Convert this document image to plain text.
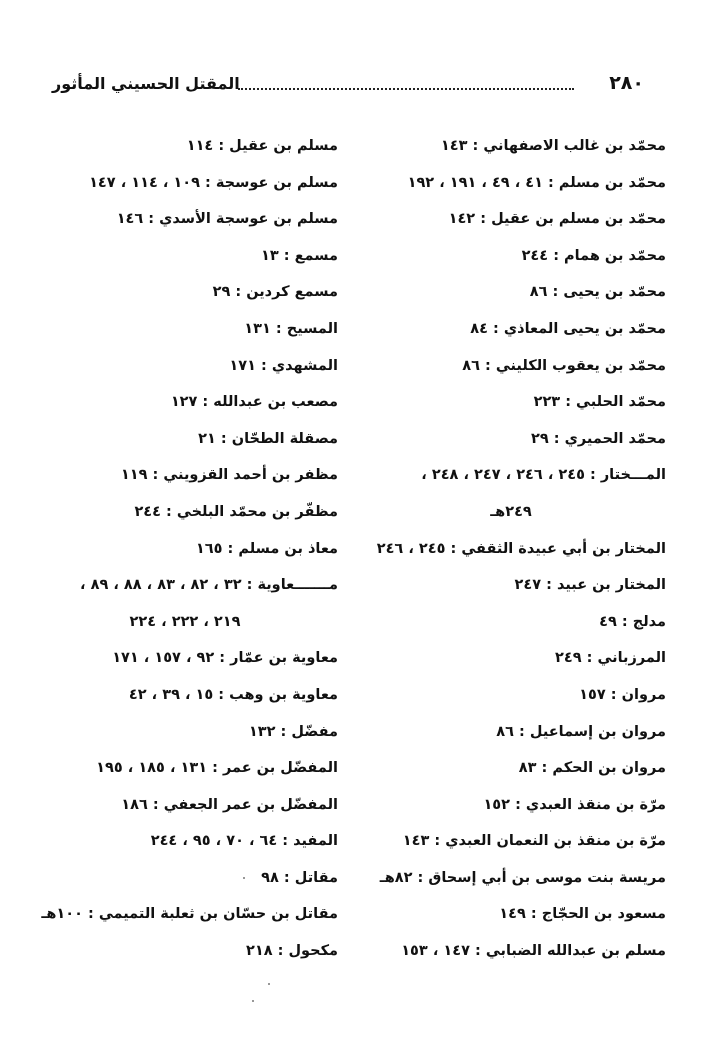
٢٨٠
المقتل الحسيني المأثور
محمّد بن غالب الاصفهاني : ١٤٣
محمّد بن مسلم : ٤١ ، ٤٩ ، ١٩١ ، ١٩٢
محمّد بن مسلم بن عقيل : ١٤٢
محمّد بن همام : ٢٤٤
محمّد بن يحيى : ٨٦
محمّد بن يحيى المعاذي : ٨٤
محمّد بن يعقوب الكليني : ٨٦
محمّد الحلبي : ٢٢٣
محمّد الحميري : ٢٩
المـــختار : ٢٤٥ ، ٢٤٦ ، ٢٤٧ ، ٢٤٨ ،
٢٤٩هـ
المختار بن أبي عبيدة الثقفي : ٢٤٥ ، ٢٤٦
المختار بن عبيد : ٢٤٧
مدلج : ٤٩
المرزباني : ٢٤٩
مروان : ١٥٧
مروان بن إسماعيل : ٨٦
مروان بن الحكم : ٨٣
مرّة بن منقذ العبدي : ١٥٢
مرّة بن منقذ بن النعمان العبدي : ١٤٣
مريسة بنت موسى بن أبي إسحاق : ٨٢هـ
مسعود بن الحجّاج : ١٤٩
مسلم بن عبدالله الضبابي : ١٤٧ ، ١٥٣
مسلم بن عقيل : ١١٤
مسلم بن عوسجة : ١٠٩ ، ١١٤ ، ١٤٧
مسلم بن عوسجة الأسدي : ١٤٦
مسمع : ١٣
مسمع كردين : ٢٩
المسيح : ١٣١
المشهدي : ١٧١
مصعب بن عبدالله : ١٢٧
مصقلة الطحّان : ٢١
مظفر بن أحمد القزويني : ١١٩
مظفّر بن محمّد البلخي : ٢٤٤
معاذ بن مسلم : ١٦٥
مـــــــعاوية : ٣٢ ، ٨٢ ، ٨٣ ، ٨٨ ، ٨٩ ،
٢١٩ ، ٢٢٢ ، ٢٢٤
معاوية بن عمّار : ٩٢ ، ١٥٧ ، ١٧١
معاوية بن وهب : ١٥ ، ٣٩ ، ٤٢
مفضّل : ١٣٢
المفضّل بن عمر : ١٣١ ، ١٨٥ ، ١٩٥
المفضّل بن عمر الجعفي : ١٨٦
المفيد : ٦٤ ، ٧٠ ، ٩٥ ، ٢٤٤
مقاتل : ٩٨
مقاتل بن حسّان بن ثعلبة التميمي : ١٠٠هـ
مكحول : ٢١٨
